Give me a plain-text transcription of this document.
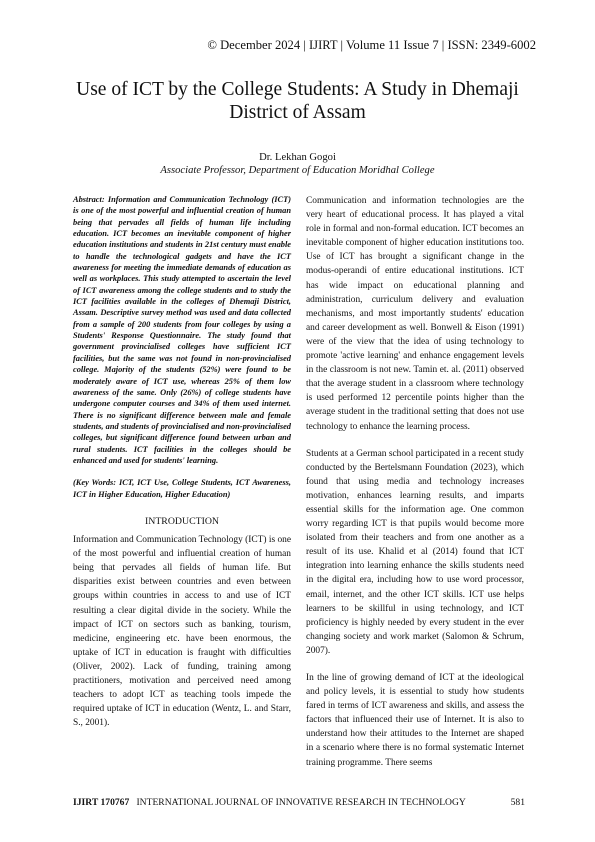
© December 2024 | IJIRT | Volume 11 Issue 7 | ISSN: 2349-6002
Use of ICT by the College Students: A Study in Dhemaji District of Assam
Dr. Lekhan Gogoi
Associate Professor, Department of Education Moridhal College

Abstract: Information and Communication Technology (ICT) is one of the most powerful and influential creation of human being that pervades all fields of human life including education. ICT becomes an inevitable component of higher education institutions and students in 21st century must enable to handle the technological gadgets and have the ICT awareness for meeting the immediate demands of education as well as workplaces. This study attempted to ascertain the level of ICT awareness among the college students and to study the ICT facilities available in the colleges of Dhemaji District, Assam. Descriptive survey method was used and data collected from a sample of 200 students from four colleges by using a Students' Response Questionnaire. The study found that government provincialised colleges have sufficient ICT facilities, but the same was not found in non-provincialised college. Majority of the students (52%) were found to be moderately aware of ICT use, whereas 25% of them low awareness of the same. Only (26%) of college students have undergone computer courses and 34% of them used internet. There is no significant difference between male and female students, and students of provincialised and non-provincialised colleges, but significant difference found between urban and rural students. ICT facilities in the colleges should be enhanced and used for students' learning.

(Key Words: ICT, ICT Use, College Students, ICT Awareness, ICT in Higher Education, Higher Education)

INTRODUCTION

Information and Communication Technology (ICT) is one of the most powerful and influential creation of human being that pervades all fields of human life. But disparities exist between countries and even between groups within countries in access to and use of ICT resulting a clear digital divide in the society. While the impact of ICT on sectors such as banking, tourism, medicine, engineering etc. have been enormous, the uptake of ICT in education is fraught with difficulties (Oliver, 2002). Lack of funding, training among practitioners, motivation and perceived need among teachers to adopt ICT as teaching tools impede the required uptake of ICT in education (Wentz, L. and Starr, S., 2001).

Communication and information technologies are the very heart of educational process. It has played a vital role in formal and non-formal education. ICT becomes an inevitable component of higher education institutions too. Use of ICT has brought a significant change in the modus-operandi of entire educational institutions. ICT has wide impact on educational planning and administration, curriculum delivery and evaluation mechanisms, and most importantly students' education and career development as well. Bonwell & Eison (1991) were of the view that the idea of using technology to promote 'active learning' and enhance engagement levels in the classroom is not new. Tamin et. al. (2011) observed that the average student in a classroom where technology is used performed 12 percentile points higher than the average student in the traditional setting that does not use technology to enhance the learning process.

Students at a German school participated in a recent study conducted by the Bertelsmann Foundation (2023), which found that using media and technology increases motivation, enhances learning results, and imparts essential skills for the information age. One common worry regarding ICT is that pupils would become more isolated from their teachers and from one another as a result of its use. Khalid et al (2014) found that ICT integration into learning enhance the skills students need in the digital era, including how to use word processor, email, internet, and the other ICT skills. ICT use helps learners to be skillful in using technology, and ICT proficiency is highly needed by every student in the ever changing society and work market (Salomon & Schrum, 2007).

In the line of growing demand of ICT at the ideological and policy levels, it is essential to study how students fared in terms of ICT awareness and skills, and assess the factors that influenced their use of Internet. It is also to understand how their attitudes to the Internet are shaped in a scenario where there is no formal systematic Internet training programme. There seems

IJIRT 170767 INTERNATIONAL JOURNAL OF INNOVATIVE RESEARCH IN TECHNOLOGY	581
